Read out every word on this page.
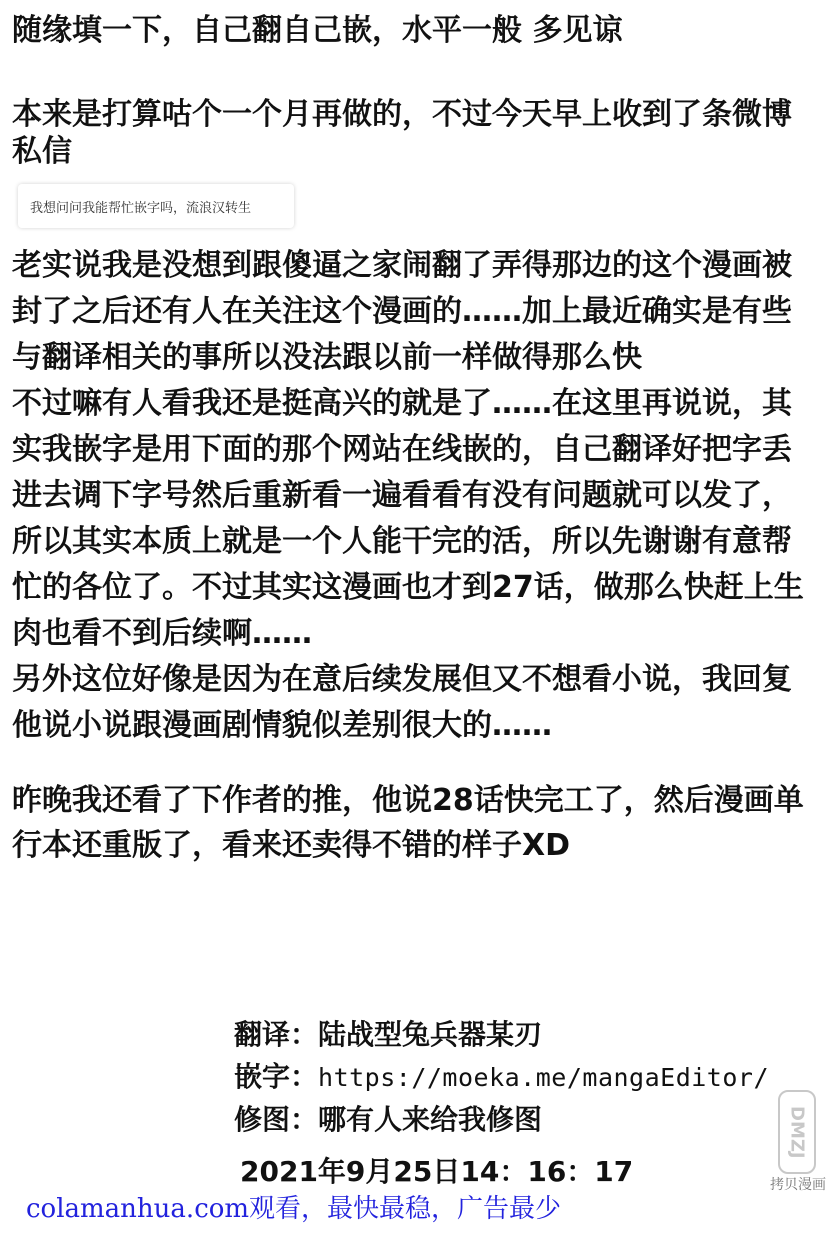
随缘填一下，自己翻自己嵌，水平一般 多见谅

本来是打算咕个一个月再做的，不过今天早上收到了条微博私信

我想问问我能帮忙嵌字吗，流浪汉转生

老实说我是没想到跟傻逼之家闹翻了弄得那边的这个漫画被封了之后还有人在关注这个漫画的……加上最近确实是有些与翻译相关的事所以没法跟以前一样做得那么快
不过嘛有人看我还是挺高兴的就是了……在这里再说说，其实我嵌字是用下面的那个网站在线嵌的，自己翻译好把字丢进去调下字号然后重新看一遍看看有没有问题就可以发了，所以其实本质上就是一个人能干完的活，所以先谢谢有意帮忙的各位了。不过其实这漫画也才到27话，做那么快赶上生肉也看不到后续啊……
另外这位好像是因为在意后续发展但又不想看小说，我回复他说小说跟漫画剧情貌似差别很大的……

昨晚我还看了下作者的推，他说28话快完工了，然后漫画单行本还重版了，看来还卖得不错的样子XD

翻译：陆战型兔兵器某刃
嵌字：https://moeka.me/mangaEditor/
修图：哪有人来给我修图
2021年9月25日14：16：17
colamanhua.com观看，最快最稳，广告最少
DMZJ
拷贝漫画
